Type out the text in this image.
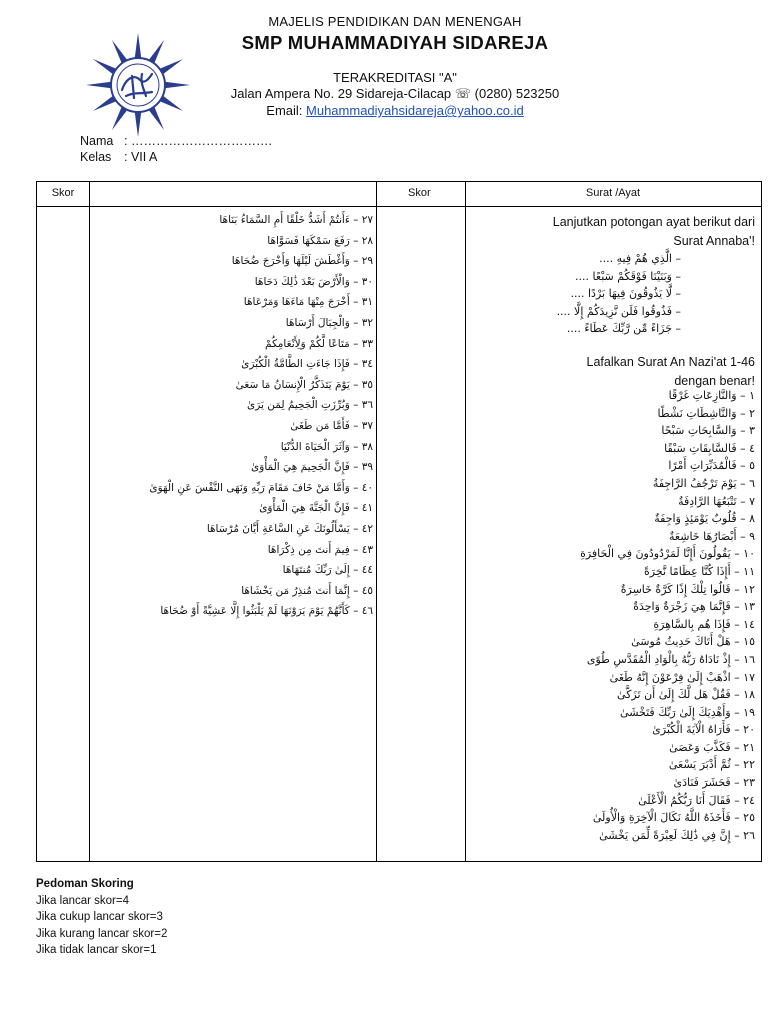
MAJELIS PENDIDIKAN DAN MENENGAH
SMP MUHAMMADIYAH SIDAREJA
TERAKREDITASI "A"
Jalan Ampera No. 29 Sidareja-Cilacap ☏ (0280) 523250
Email: Muhammadiyahsidareja@yahoo.co.id
Nama : …………………………….
Kelas : VII A
Skor	Skor	Surat /Ayat
٢٧ – ءَأَنتُمْ أَشَدُّ خَلْقًا أَمِ السَّمَاءُ بَنَاهَا
٢٨ – رَفَعَ سَمْكَهَا فَسَوَّاهَا
٢٩ – وَأَغْطَشَ لَيْلَهَا وَأَخْرَجَ ضُحَاهَا
٣٠ – وَالْأَرْضَ بَعْدَ ذَٰلِكَ دَحَاهَا
٣١ – أَخْرَجَ مِنْهَا مَاءَهَا وَمَرْعَاهَا
٣٢ – وَالْجِبَالَ أَرْسَاهَا
٣٣ – مَتَاعًا لَّكُمْ وَلِأَنْعَامِكُمْ
٣٤ – فَإِذَا جَاءَتِ الطَّامَّةُ الْكُبْرَىٰ
٣٥ – يَوْمَ يَتَذَكَّرُ الْإِنسَانُ مَا سَعَىٰ
٣٦ – وَبُرِّزَتِ الْجَحِيمُ لِمَن يَرَىٰ
٣٧ – فَأَمَّا مَن طَغَىٰ
٣٨ – وَآثَرَ الْحَيَاةَ الدُّنْيَا
٣٩ – فَإِنَّ الْجَحِيمَ هِيَ الْمَأْوَىٰ
٤٠ – وَأَمَّا مَنْ خَافَ مَقَامَ رَبِّهِ وَنَهَى النَّفْسَ عَنِ الْهَوَىٰ
٤١ – فَإِنَّ الْجَنَّةَ هِيَ الْمَأْوَىٰ
٤٢ – يَسْأَلُونَكَ عَنِ السَّاعَةِ أَيَّانَ مُرْسَاهَا
٤٣ – فِيمَ أَنتَ مِن ذِكْرَاهَا
٤٤ – إِلَىٰ رَبِّكَ مُنتَهَاهَا
٤٥ – إِنَّمَا أَنتَ مُنذِرُ مَن يَخْشَاهَا
٤٦ – كَأَنَّهُمْ يَوْمَ يَرَوْنَهَا لَمْ يَلْبَثُوا إِلَّا عَشِيَّةً أَوْ ضُحَاهَا
Lanjutkan potongan ayat berikut dari
Surat Annaba'!
– الَّذِي هُمْ فِيهِ ....
– وَبَنَيْنَا فَوْقَكُمْ سَبْعًا ....
– لَّا يَذُوقُونَ فِيهَا بَرْدًا ....
– فَذُوقُوا فَلَن نَّزِيدَكُمْ إِلَّا ....
– جَزَاءً مِّن رَّبِّكَ عَطَاءً ....
Lafalkan Surat An Nazi'at 1-46
dengan benar!
١ – وَالنَّازِعَاتِ غَرْقًا
٢ – وَالنَّاشِطَاتِ نَشْطًا
٣ – وَالسَّابِحَاتِ سَبْحًا
٤ – فَالسَّابِقَاتِ سَبْقًا
٥ – فَالْمُدَبِّرَاتِ أَمْرًا
٦ – يَوْمَ تَرْجُفُ الرَّاجِفَةُ
٧ – تَتْبَعُهَا الرَّادِفَةُ
٨ – قُلُوبٌ يَوْمَئِذٍ وَاجِفَةٌ
٩ – أَبْصَارُهَا خَاشِعَةٌ
١٠ – يَقُولُونَ أَإِنَّا لَمَرْدُودُونَ فِي الْحَافِرَةِ
١١ – أَإِذَا كُنَّا عِظَامًا نَّخِرَةً
١٢ – قَالُوا تِلْكَ إِذًا كَرَّةٌ خَاسِرَةٌ
١٣ – فَإِنَّمَا هِيَ زَجْرَةٌ وَاحِدَةٌ
١٤ – فَإِذَا هُم بِالسَّاهِرَةِ
١٥ – هَلْ أَتَاكَ حَدِيثُ مُوسَىٰ
١٦ – إِذْ نَادَاهُ رَبُّهُ بِالْوَادِ الْمُقَدَّسِ طُوًى
١٧ – اذْهَبْ إِلَىٰ فِرْعَوْنَ إِنَّهُ طَغَىٰ
١٨ – فَقُلْ هَل لَّكَ إِلَىٰ أَن تَزَكَّىٰ
١٩ – وَأَهْدِيَكَ إِلَىٰ رَبِّكَ فَتَخْشَىٰ
٢٠ – فَأَرَاهُ الْآيَةَ الْكُبْرَىٰ
٢١ – فَكَذَّبَ وَعَصَىٰ
٢٢ – ثُمَّ أَدْبَرَ يَسْعَىٰ
٢٣ – فَحَشَرَ فَنَادَىٰ
٢٤ – فَقَالَ أَنَا رَبُّكُمُ الْأَعْلَىٰ
٢٥ – فَأَخَذَهُ اللَّهُ نَكَالَ الْآخِرَةِ وَالْأُولَىٰ
٢٦ – إِنَّ فِي ذَٰلِكَ لَعِبْرَةً لِّمَن يَخْشَىٰ
Pedoman Skoring
Jika lancar skor=4
Jika cukup lancar skor=3
Jika kurang lancar skor=2
Jika tidak lancar skor=1
